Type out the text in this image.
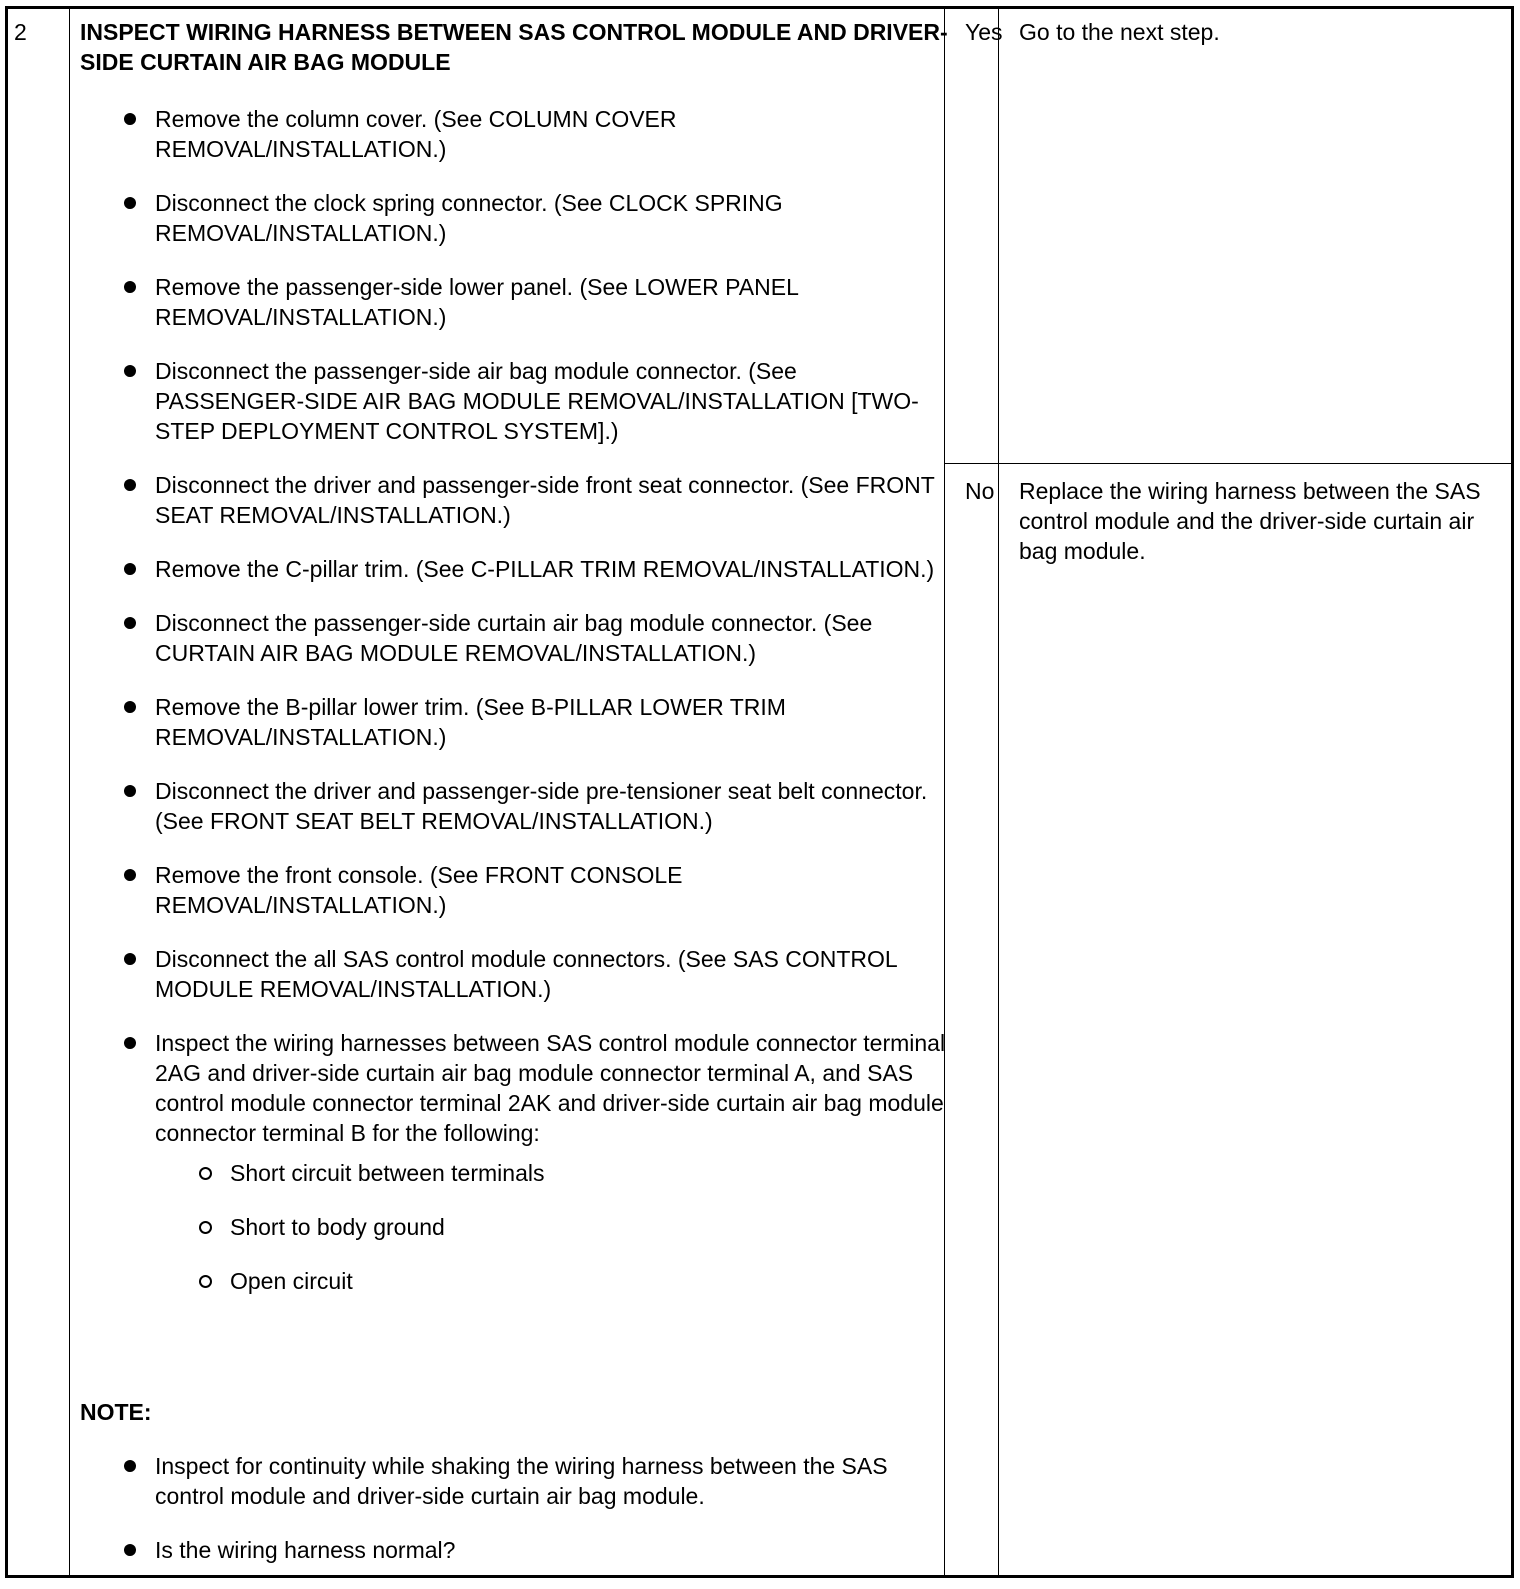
2 INSPECT WIRING HARNESS BETWEEN SAS CONTROL MODULE AND DRIVER-SIDE CURTAIN AIR BAG MODULE
Remove the column cover. (See COLUMN COVER REMOVAL/INSTALLATION.)
Disconnect the clock spring connector. (See CLOCK SPRING REMOVAL/INSTALLATION.)
Remove the passenger-side lower panel. (See LOWER PANEL REMOVAL/INSTALLATION.)
Disconnect the passenger-side air bag module connector. (See PASSENGER-SIDE AIR BAG MODULE REMOVAL/INSTALLATION [TWO-STEP DEPLOYMENT CONTROL SYSTEM].)
Disconnect the driver and passenger-side front seat connector. (See FRONT SEAT REMOVAL/INSTALLATION.)
Remove the C-pillar trim. (See C-PILLAR TRIM REMOVAL/INSTALLATION.)
Disconnect the passenger-side curtain air bag module connector. (See CURTAIN AIR BAG MODULE REMOVAL/INSTALLATION.)
Remove the B-pillar lower trim. (See B-PILLAR LOWER TRIM REMOVAL/INSTALLATION.)
Disconnect the driver and passenger-side pre-tensioner seat belt connector. (See FRONT SEAT BELT REMOVAL/INSTALLATION.)
Remove the front console. (See FRONT CONSOLE REMOVAL/INSTALLATION.)
Disconnect the all SAS control module connectors. (See SAS CONTROL MODULE REMOVAL/INSTALLATION.)
Inspect the wiring harnesses between SAS control module connector terminal 2AG and driver-side curtain air bag module connector terminal A, and SAS control module connector terminal 2AK and driver-side curtain air bag module connector terminal B for the following:
Short circuit between terminals
Short to body ground
Open circuit
NOTE:
Inspect for continuity while shaking the wiring harness between the SAS control module and driver-side curtain air bag module.
Is the wiring harness normal?
Yes Go to the next step.
No Replace the wiring harness between the SAS control module and the driver-side curtain air bag module.
